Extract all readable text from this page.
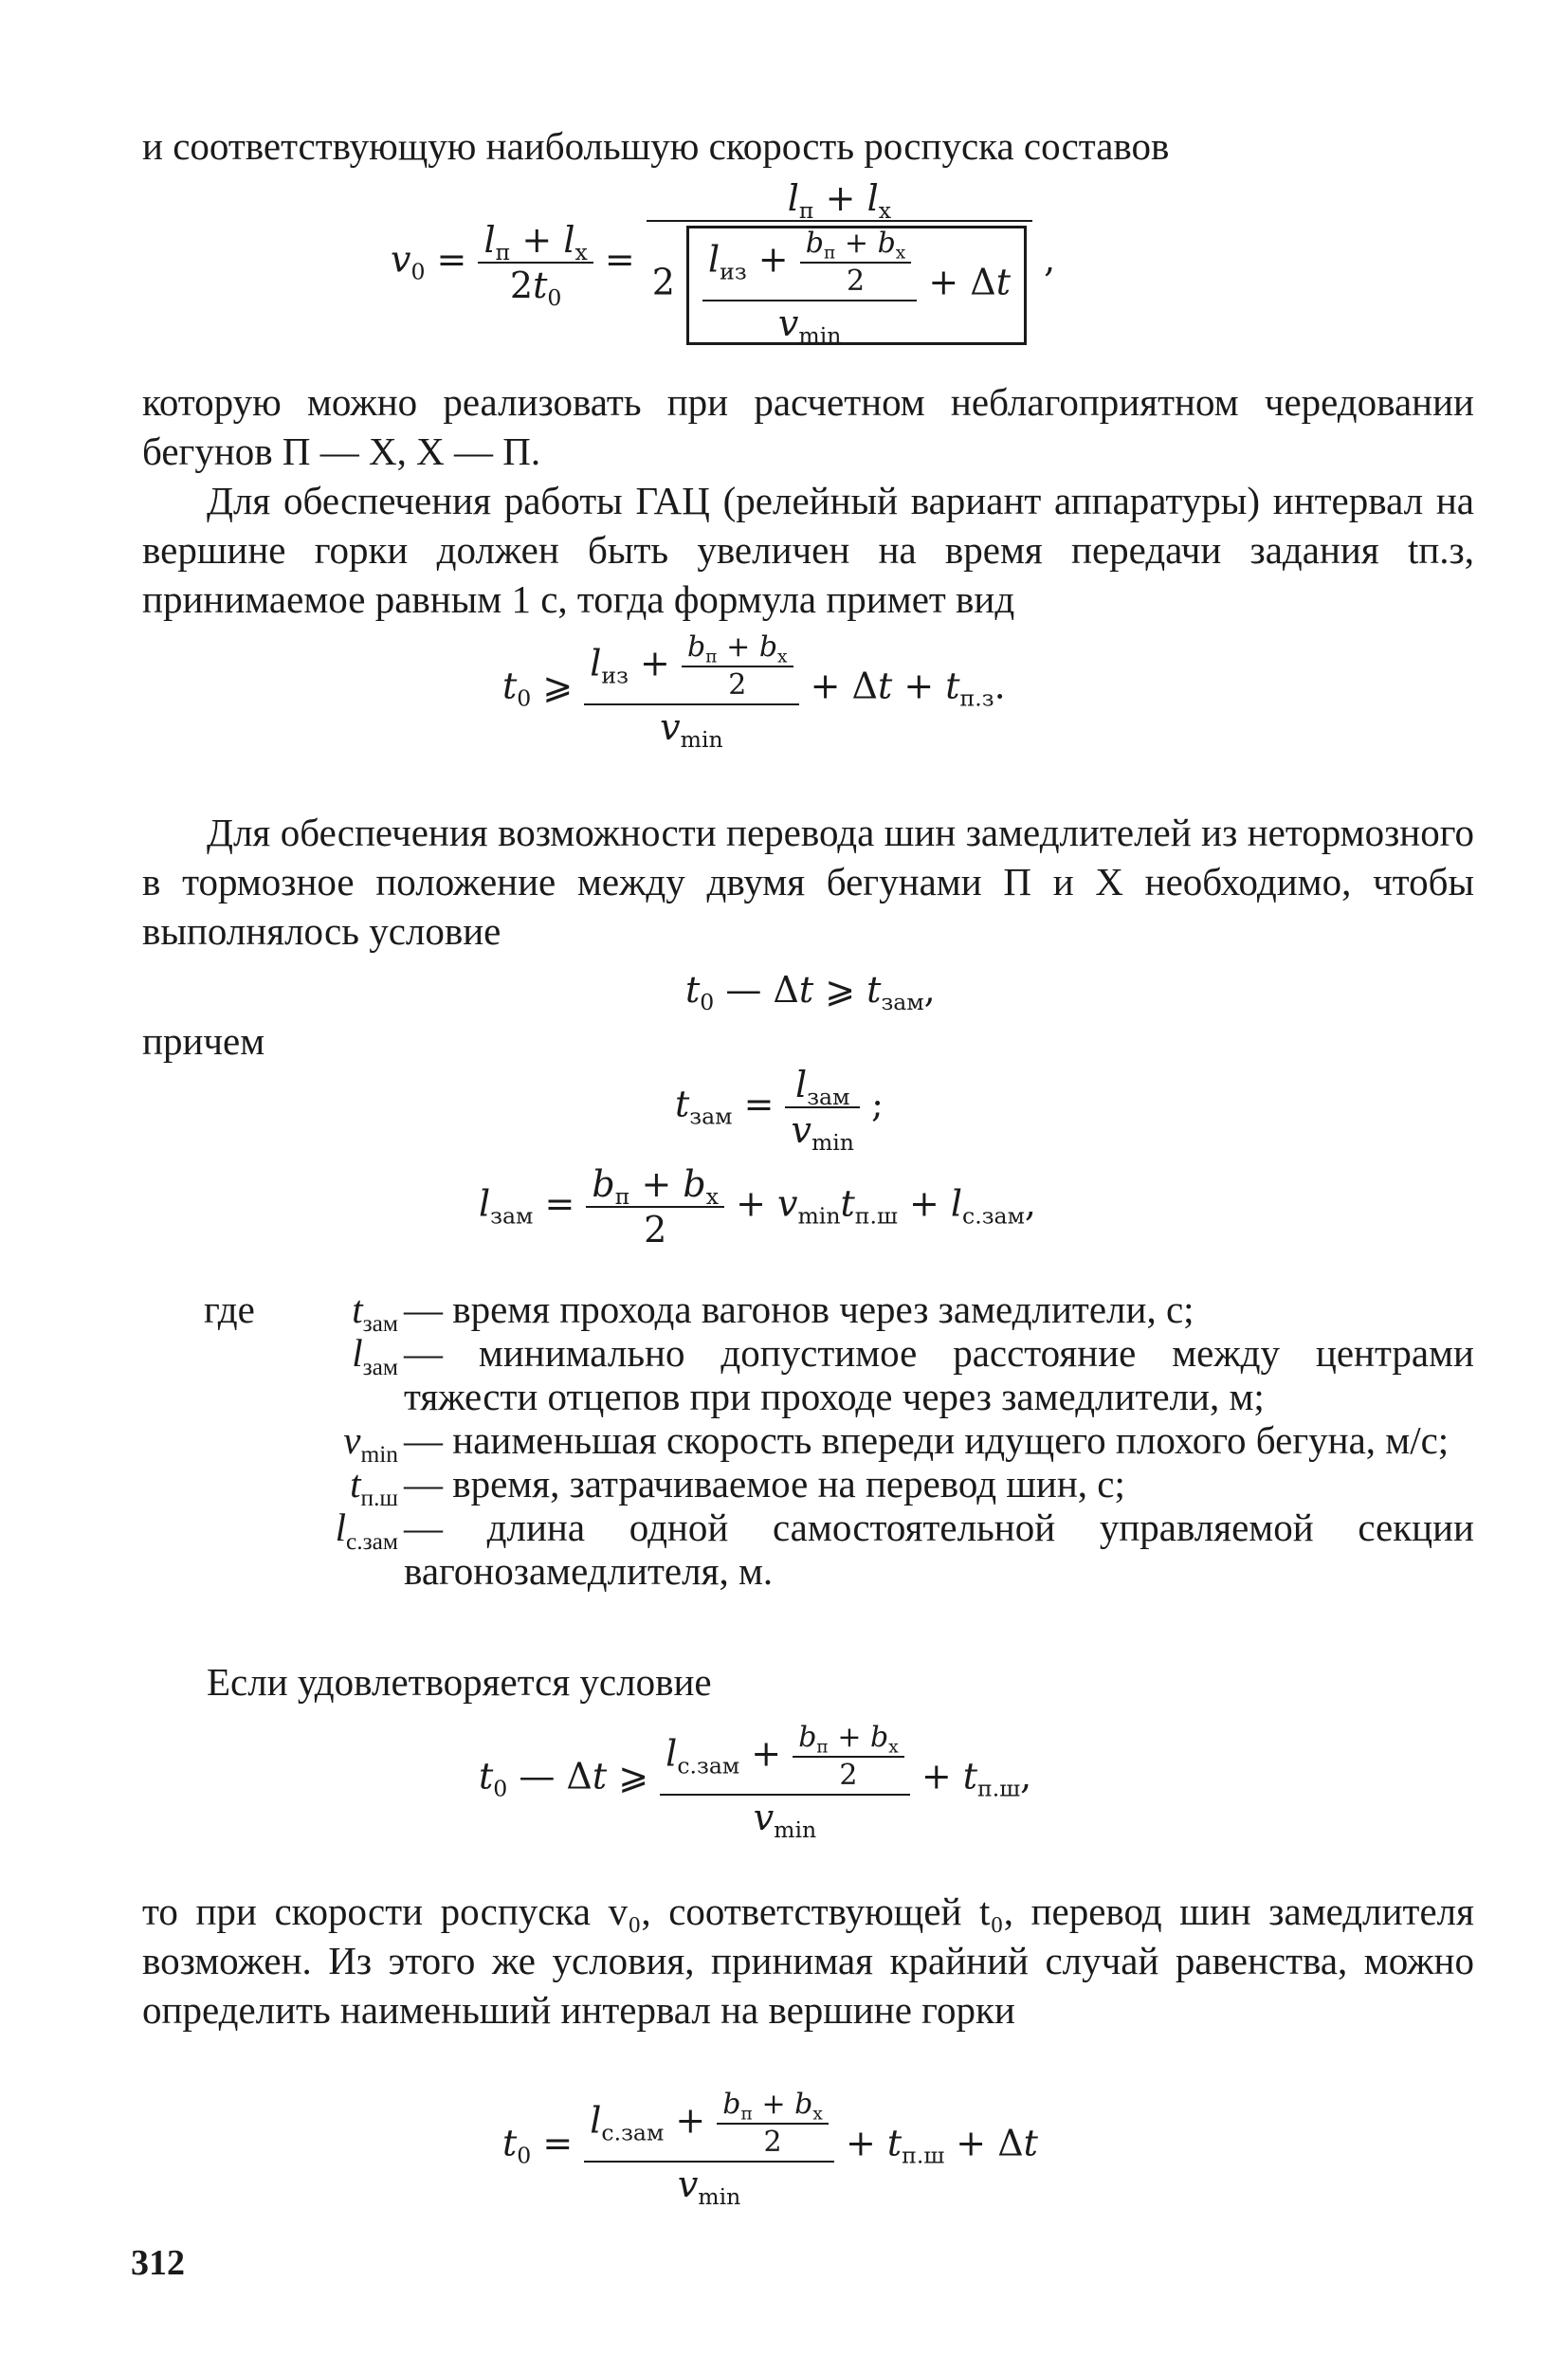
и соответствующую наибольшую скорость роспуска составов
$v_0 = \frac{l_п + l_х}{2t_0}$ =
$l_п + l_х$
$2 \frac{l_{из} + \frac{b_п + b_х}{2}}{v_{min}} + \Delta t$
,
которую можно реализовать при расчетном неблагоприятном чередовании бегунов П — Х, Х — П.
Для обеспечения работы ГАЦ (релейный вариант аппаратуры) интервал на вершине горки должен быть увеличен на время передачи задания tп.з, принимаемое равным 1 с, тогда формула примет вид
$t_0$ ⩾ $\frac{l_{из} + \frac{b_п + b_х}{2}}{v_{min}} + \Delta t + t_{п.з}$.
Для обеспечения возможности перевода шин замедлителей из нетормозного в тормозное положение между двумя бегунами П и Х необходимо, чтобы выполнялось условие
$t_0$ — Δt ⩾ $t_{зам}$,
причем
$t_{зам} = \frac{l_{зам}}{v_{min}}$ ;
$l_{зам} = \frac{b_п + b_х}{2} + v_{min}t_{п.ш} + l_{с.зам}$,
где $t_{зам}$ — время прохода вагонов через замедлители, с;
$l_{зам}$ — минимально допустимое расстояние между центрами тяжести отцепов при проходе через замедлители, м;
$v_{min}$ — наименьшая скорость впереди идущего плохого бегуна, м/с;
$t_{п.ш}$ — время, затрачиваемое на перевод шин, с;
$l_{с.зам}$ — длина одной самостоятельной управляемой секции вагонозамедлителя, м.
Если удовлетворяется условие
$t_0$ — Δt ⩾ $\frac{l_{с.зам} + \frac{b_п + b_х}{2}}{v_{min}} + t_{п.ш}$,
то при скорости роспуска v₀, соответствующей t₀, перевод шин замедлителя возможен. Из этого же условия, принимая крайний случай равенства, можно определить наименьший интервал на вершине горки
$t_0 = \frac{l_{с.зам} + \frac{b_п + b_х}{2}}{v_{min}} + t_{п.ш} + \Delta t$
312
